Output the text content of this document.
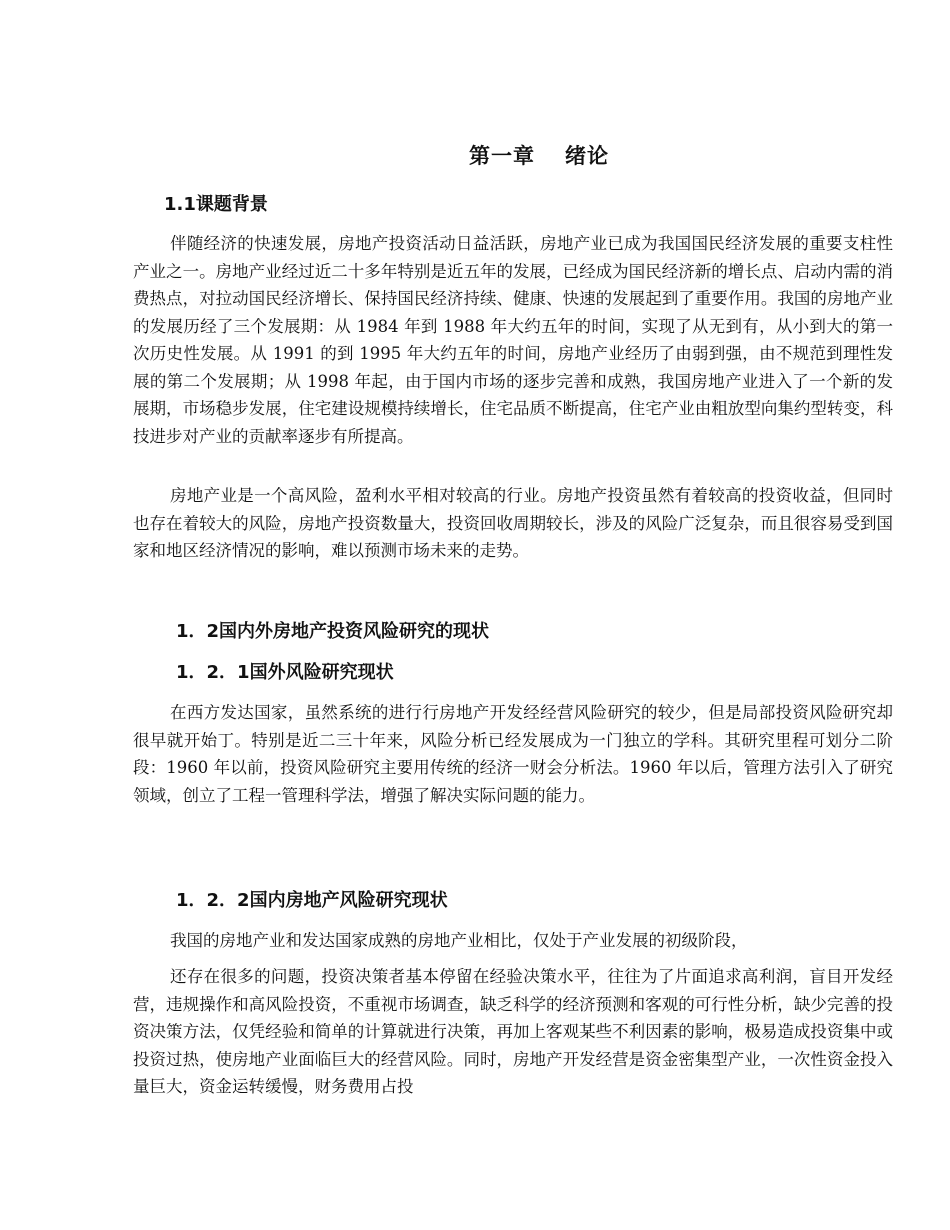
第一章 绪论
1.1课题背景

伴随经济的快速发展，房地产投资活动日益活跃，房地产业已成为我国国民经济发展的重要支柱性产业之一。房地产业经过近二十多年特别是近五年的发展，已经成为国民经济新的增长点、启动内需的消费热点，对拉动国民经济增长、保持国民经济持续、健康、快速的发展起到了重要作用。我国的房地产业的发展历经了三个发展期：从 1984 年到 1988 年大约五年的时间，实现了从无到有，从小到大的第一次历史性发展。从 1991 的到 1995 年大约五年的时间，房地产业经历了由弱到强，由不规范到理性发展的第二个发展期；从 1998 年起，由于国内市场的逐步完善和成熟，我国房地产业进入了一个新的发展期，市场稳步发展，住宅建设规模持续增长，住宅品质不断提高，住宅产业由粗放型向集约型转变，科技进步对产业的贡献率逐步有所提高。

房地产业是一个高风险，盈利水平相对较高的行业。房地产投资虽然有着较高的投资收益，但同时也存在着较大的风险，房地产投资数量大，投资回收周期较长，涉及的风险广泛复杂，而且很容易受到国家和地区经济情况的影响，难以预测市场未来的走势。

1．2国内外房地产投资风险研究的现状
1．2．1国外风险研究现状

在西方发达国家，虽然系统的进行行房地产开发经经营风险研究的较少，但是局部投资风险研究却很早就开始丁。特别是近二三十年来，风险分析已经发展成为一门独立的学科。其研究里程可划分二阶段：1960 年以前，投资风险研究主要用传统的经济一财会分析法。1960 年以后，管理方法引入了研究领域，创立了工程一管理科学法，增强了解决实际问题的能力。

1．2．2国内房地产风险研究现状

我国的房地产业和发达国家成熟的房地产业相比，仅处于产业发展的初级阶段，

还存在很多的问题，投资决策者基本停留在经验决策水平，往往为了片面追求高利润，盲目开发经营，违规操作和高风险投资，不重视市场调查，缺乏科学的经济预测和客观的可行性分析，缺少完善的投资决策方法，仅凭经验和简单的计算就进行决策，再加上客观某些不利因素的影响，极易造成投资集中或投资过热，使房地产业面临巨大的经营风险。同时，房地产开发经营是资金密集型产业，一次性资金投入量巨大，资金运转缓慢，财务费用占投
